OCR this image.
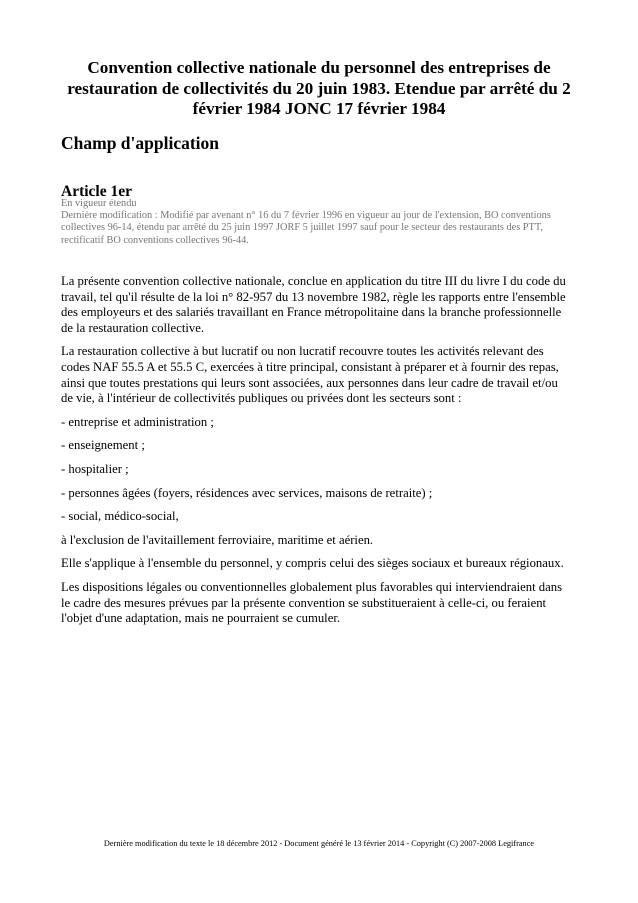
Convention collective nationale du personnel des entreprises de
restauration de collectivités du 20 juin 1983. Etendue par arrêté du 2
février 1984 JONC 17 février 1984
Champ d'application
Article 1er
En vigueur étendu
Dernière modification : Modifié par avenant n° 16 du 7 février 1996 en vigueur au jour de l'extension, BO conventions
collectives 96-14, étendu par arrêté du 25 juin 1997 JORF 5 juillet 1997 sauf pour le secteur des restaurants des PTT,
rectificatif BO conventions collectives 96-44.

La présente convention collective nationale, conclue en application du titre III du livre I du code du
travail, tel qu'il résulte de la loi n° 82-957 du 13 novembre 1982, règle les rapports entre l'ensemble
des employeurs et des salariés travaillant en France métropolitaine dans la branche professionnelle
de la restauration collective.

La restauration collective à but lucratif ou non lucratif recouvre toutes les activités relevant des
codes NAF 55.5 A et 55.5 C, exercées à titre principal, consistant à préparer et à fournir des repas,
ainsi que toutes prestations qui leurs sont associées, aux personnes dans leur cadre de travail et/ou
de vie, à l'intérieur de collectivités publiques ou privées dont les secteurs sont :

- entreprise et administration ;

- enseignement ;

- hospitalier ;

- personnes âgées (foyers, résidences avec services, maisons de retraite) ;

- social, médico-social,

à l'exclusion de l'avitaillement ferroviaire, maritime et aérien.

Elle s'applique à l'ensemble du personnel, y compris celui des sièges sociaux et bureaux régionaux.

Les dispositions légales ou conventionnelles globalement plus favorables qui interviendraient dans
le cadre des mesures prévues par la présente convention se substitueraient à celle-ci, ou feraient
l'objet d'une adaptation, mais ne pourraient se cumuler.

Dernière modification du texte le 18 décembre 2012 - Document généré le 13 février 2014 - Copyright (C) 2007-2008 Legifrance
